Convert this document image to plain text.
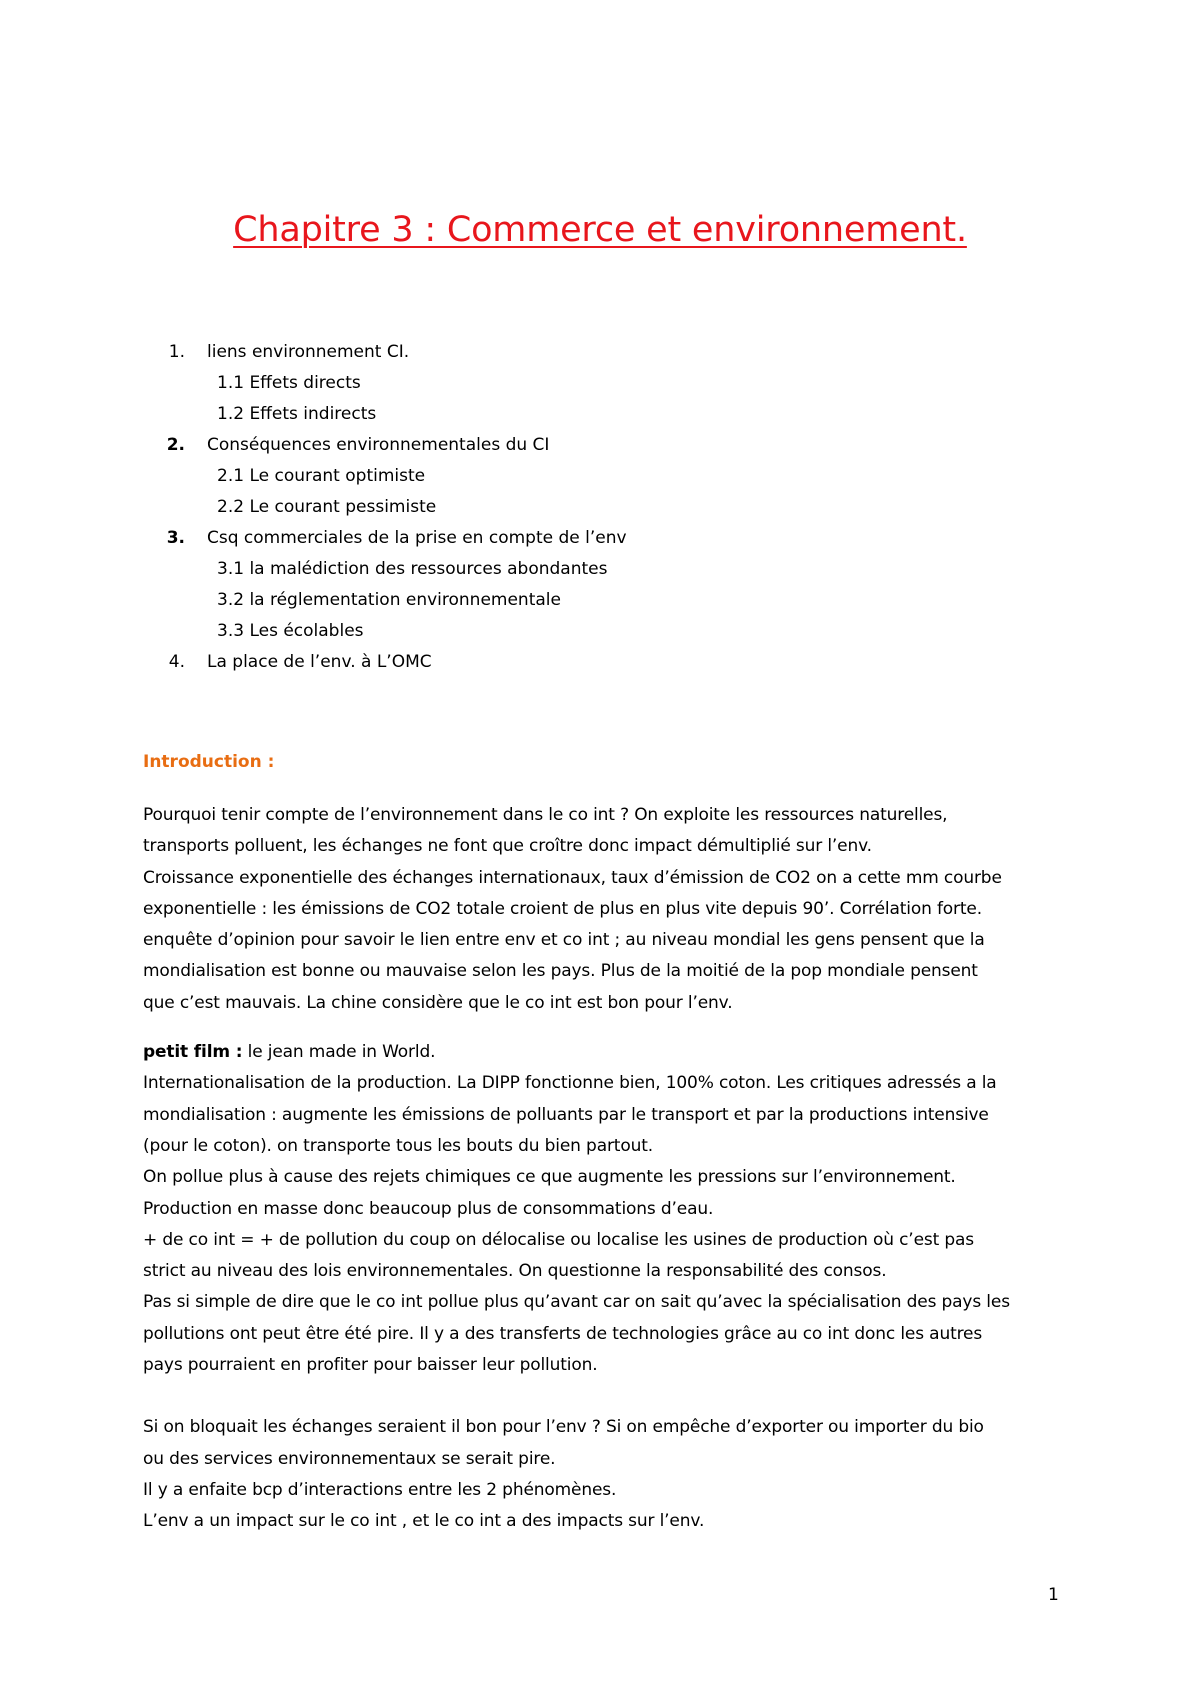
Chapitre 3 : Commerce et environnement.
1.	liens environnement CI.
1.1 Effets directs
1.2 Effets indirects
2.	Conséquences environnementales du CI
2.1 Le courant optimiste
2.2 Le courant pessimiste
3.	Csq commerciales de la prise en compte de l’env
3.1 la malédiction des ressources abondantes
3.2 la réglementation environnementale
3.3 Les écolables
4.	La place de l’env. à L’OMC
Introduction :

Pourquoi tenir compte de l’environnement dans le co int ? On exploite les ressources naturelles,

transports polluent, les échanges ne font que croître donc impact démultiplié sur l’env.

Croissance exponentielle des échanges internationaux, taux d’émission de CO2 on a cette mm courbe

exponentielle : les émissions de CO2 totale croient de plus en plus vite depuis 90’. Corrélation forte.

enquête d’opinion pour savoir le lien entre env et co int ; au niveau mondial les gens pensent que la

mondialisation est bonne ou mauvaise selon les pays. Plus de la moitié de la pop mondiale pensent

que c’est mauvais. La chine considère que le co int est bon pour l’env.

petit film : le jean made in World.

Internationalisation de la production. La DIPP fonctionne bien, 100% coton. Les critiques adressés a la

mondialisation : augmente les émissions de polluants par le transport et par la productions intensive

(pour le coton). on transporte tous les bouts du bien partout.

On pollue plus à cause des rejets chimiques ce que augmente les pressions sur l’environnement.

Production en masse donc beaucoup plus de consommations d’eau.

+ de co int = + de pollution du coup on délocalise ou localise les usines de production où c’est pas

strict au niveau des lois environnementales. On questionne la responsabilité des consos.

Pas si simple de dire que le co int pollue plus qu’avant car on sait qu’avec la spécialisation des pays les

pollutions ont peut être été pire. Il y a des transferts de technologies grâce au co int donc les autres

pays pourraient en profiter pour baisser leur pollution.

Si on bloquait les échanges seraient il bon pour l’env ? Si on empêche d’exporter ou importer du bio

ou des services environnementaux se serait pire.

Il y a enfaite bcp d’interactions entre les 2 phénomènes.

L’env a un impact sur le co int , et le co int a des impacts sur l’env.

1
